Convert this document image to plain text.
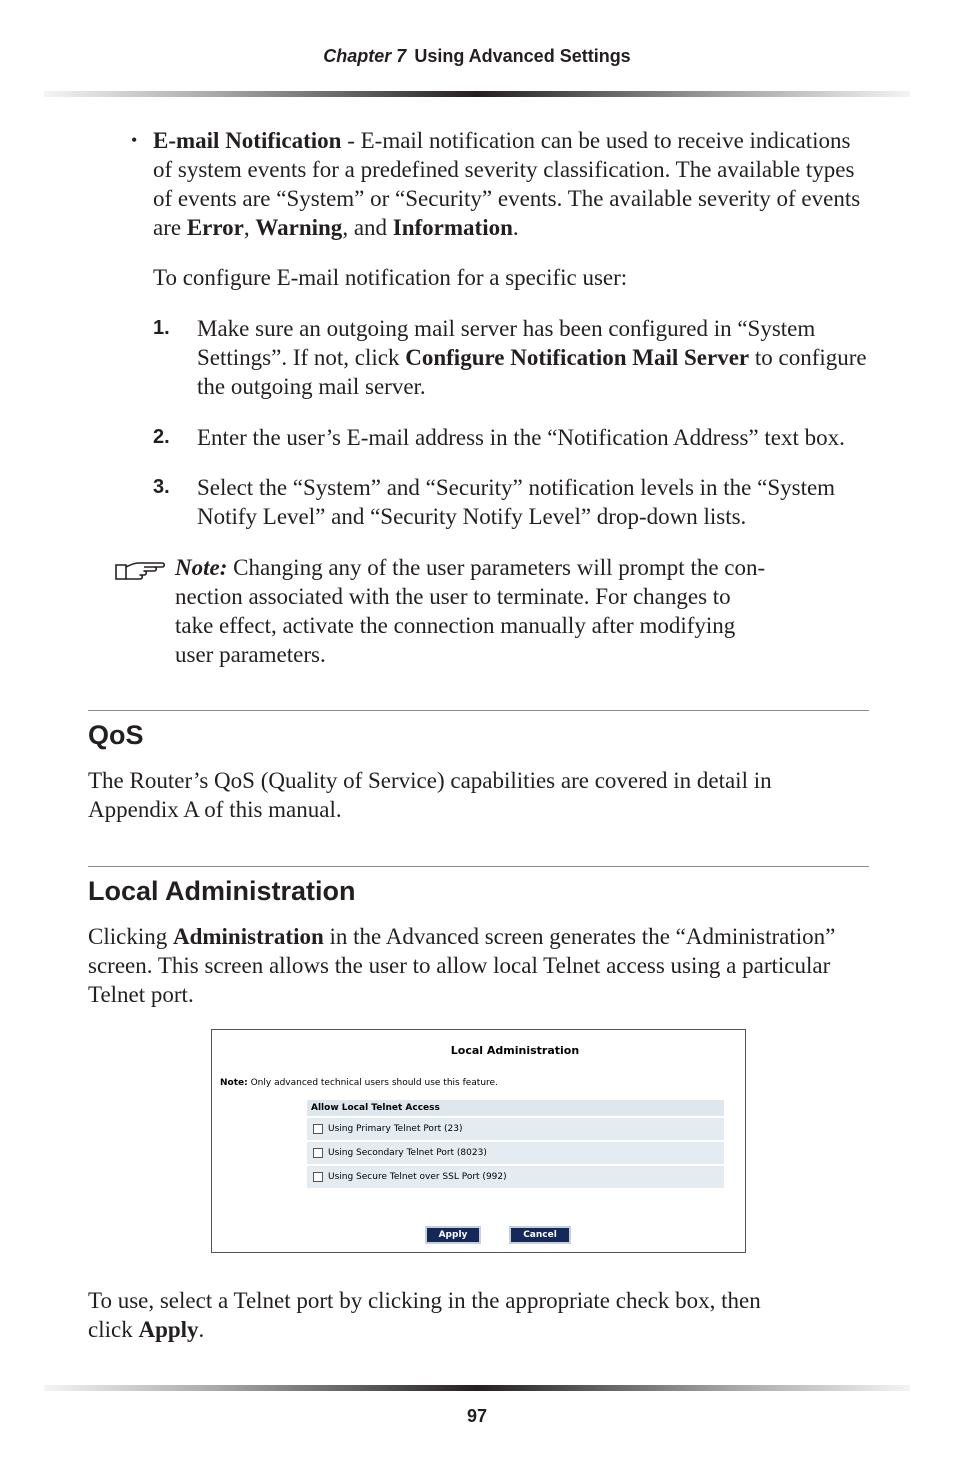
Chapter 7 Using Advanced Settings
• E-mail Notification - E-mail notification can be used to receive indications of system events for a predefined severity classification. The available types of events are “System” or “Security” events. The available severity of events are Error, Warning, and Information.

To configure E-mail notification for a specific user:

1. Make sure an outgoing mail server has been configured in “System Settings”. If not, click Configure Notification Mail Server to configure the outgoing mail server.

2. Enter the user’s E-mail address in the “Notification Address” text box.

3. Select the “System” and “Security” notification levels in the “System Notify Level” and “Security Notify Level” drop-down lists.

Note: Changing any of the user parameters will prompt the con-
nection associated with the user to terminate. For changes to
take effect, activate the connection manually after modifying
user parameters.

QoS

The Router’s QoS (Quality of Service) capabilities are covered in detail in Appendix A of this manual.

Local Administration

Clicking Administration in the Advanced screen generates the “Administration” screen. This screen allows the user to allow local Telnet access using a particular Telnet port.

Local Administration
Note: Only advanced technical users should use this feature.
Allow Local Telnet Access
Using Primary Telnet Port (23)
Using Secondary Telnet Port (8023)
Using Secure Telnet over SSL Port (992)
Apply	Cancel

To use, select a Telnet port by clicking in the appropriate check box, then click Apply.

97
